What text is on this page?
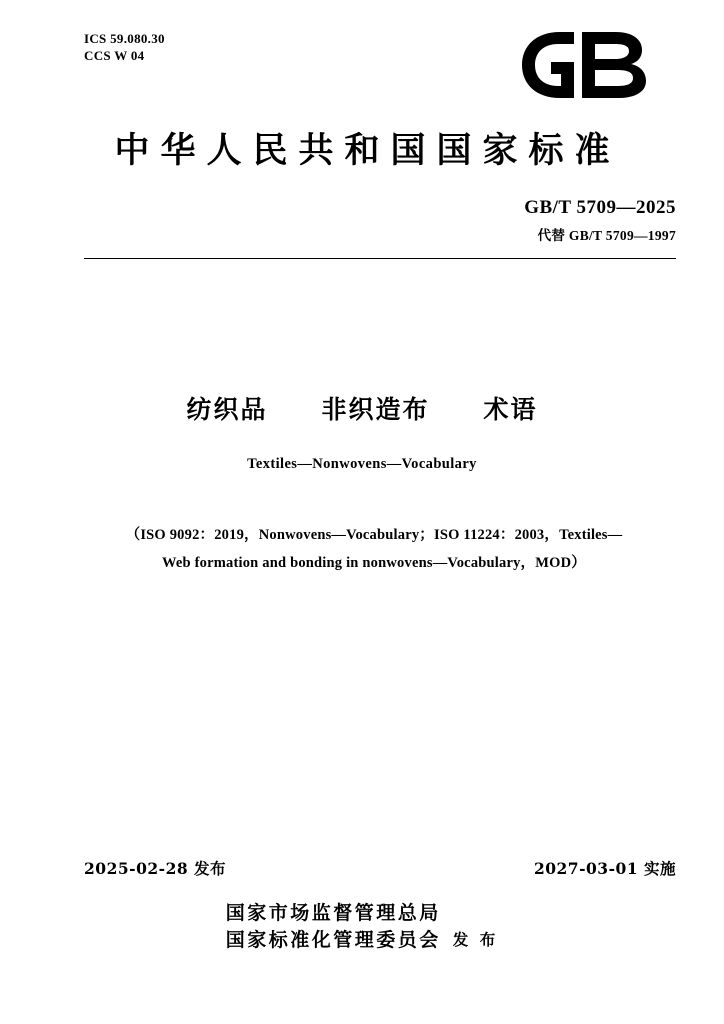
ICS 59.080.30
CCS W 04
中华人民共和国国家标准
GB/T 5709—2025
代替 GB/T 5709—1997
纺织品　　非织造布　　术语
Textiles—Nonwovens—Vocabulary
（ISO 9092：2019，Nonwovens—Vocabulary；ISO 11224：2003，Textiles—
Web formation and bonding in nonwovens—Vocabulary，MOD）
2025-02-28 发布	2027-03-01 实施
国家市场监督管理总局
国家标准化管理委员会 发 布
